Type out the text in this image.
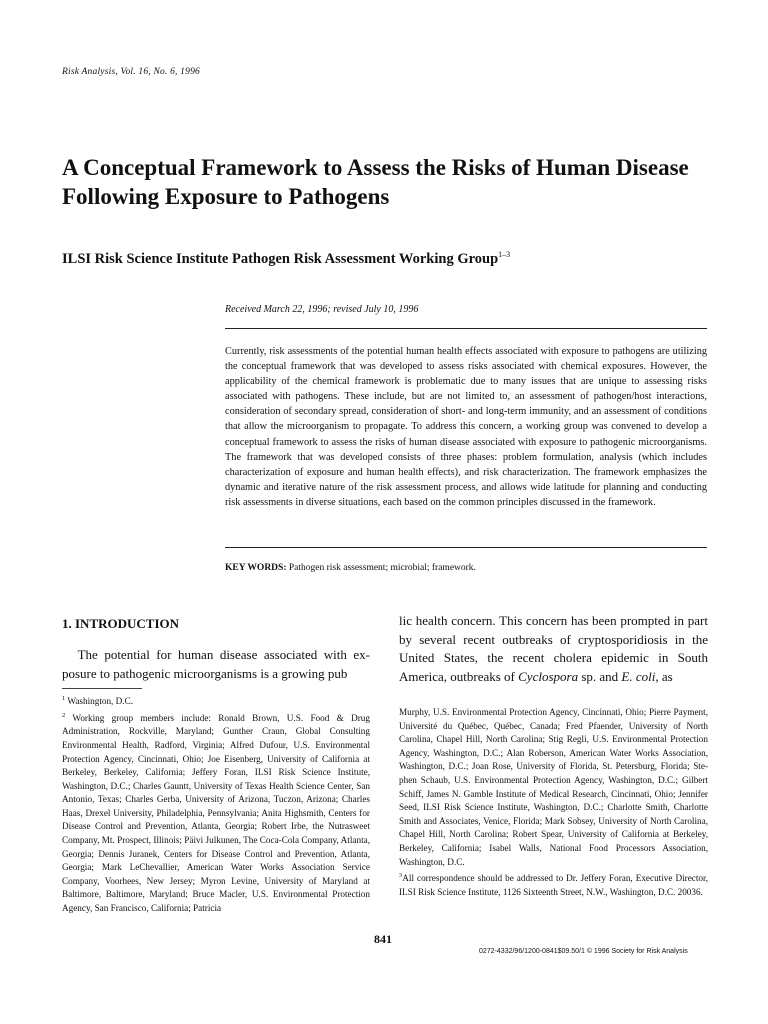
Risk Analysis, Vol. 16, No. 6, 1996
A Conceptual Framework to Assess the Risks of Human Disease Following Exposure to Pathogens
ILSI Risk Science Institute Pathogen Risk Assessment Working Group$^{1-3}$
Received March 22, 1996; revised July 10, 1996

Currently, risk assessments of the potential human health effects associated with exposure to pathogens are utilizing the conceptual framework that was developed to assess risks associated with chemical exposures. However, the applicability of the chemical framework is problematic due to many issues that are unique to assessing risks associated with pathogens. These include, but are not limited to, an assessment of pathogen/host interactions, consideration of secondary spread, consideration of short- and long-term immunity, and an assessment of conditions that allow the microorganism to propagate. To address this concern, a working group was convened to develop a conceptual framework to assess the risks of human disease associated with exposure to pathogenic microorganisms. The framework that was developed consists of three phases: problem formulation, analysis (which includes characterization of exposure and human health effects), and risk characterization. The framework emphasizes the dynamic and iterative nature of the risk assessment process, and allows wide latitude for planning and conducting risk assessments in diverse situations, each based on the common principles discussed in the framework.

KEY WORDS: Pathogen risk assessment; microbial; framework.
1. INTRODUCTION

  The potential for human disease associated with exposure to pathogenic microorganisms is a growing pub

lic health concern. This concern has been prompted in part by several recent outbreaks of cryptosporidiosis in the United States, the recent cholera epidemic in South America, outbreaks of Cyclospora sp. and E. coli, as

$^1$ Washington, D.C.

$^2$ Working group members include: Ronald Brown, U.S. Food & Drug Administration, Rockville, Maryland; Gunther Craun, Global Consulting Environmental Health, Radford, Virginia; Alfred Dufour, U.S. Environmental Protection Agency, Cincinnati, Ohio; Joe Eisenberg, University of California at Berkeley, Berkeley, California; Jeffery Foran, ILSI Risk Science Institute, Washington, D.C.; Charles Gauntt, University of Texas Health Science Center, San Antonio, Texas; Charles Gerba, University of Arizona, Tuczon, Arizona; Charles Haas, Drexel University, Philadelphia, Pennsylvania; Anita Highsmith, Centers for Disease Control and Prevention, Atlanta, Georgia; Robert Irbe, the Nutrasweet Company, Mt. Prospect, Illinois; Päivi Julkunen, The Coca-Cola Company, Atlanta, Georgia; Dennis Juranek, Centers for Disease Control and Prevention, Atlanta, Georgia; Mark LeChevallier, American Water Works Association Service Company, Voorhees, New Jersey; Myron Levine, University of Maryland at Baltimore, Baltimore, Maryland; Bruce Macler, U.S. Environmental Protection Agency, San Francisco, California; Patricia

Murphy, U.S. Environmental Protection Agency, Cincinnati, Ohio; Pierre Payment, Université du Québec, Québec, Canada; Fred Pfaender, University of North Carolina, Chapel Hill, North Carolina; Stig Regli, U.S. Environmental Protection Agency, Washington, D.C.; Alan Roberson, American Water Works Association, Washington, D.C.; Joan Rose, University of Florida, St. Petersburg, Florida; Stephen Schaub, U.S. Environmental Protection Agency, Washington, D.C.; Gilbert Schiff, James N. Gamble Institute of Medical Research, Cincinnati, Ohio; Jennifer Seed, ILSI Risk Science Institute, Washington, D.C.; Charlotte Smith, Charlotte Smith and Associates, Venice, Florida; Mark Sobsey, University of North Carolina, Chapel Hill, North Carolina; Robert Spear, University of California at Berkeley, Berkeley, California; Isabel Walls, National Food Processors Association, Washington, D.C.

$^3$All correspondence should be addressed to Dr. Jeffery Foran, Executive Director, ILSI Risk Science Institute, 1126 Sixteenth Street, N.W., Washington, D.C. 20036.

841
0272-4332/96/1200-0841$09.50/1 © 1996 Society for Risk Analysis
